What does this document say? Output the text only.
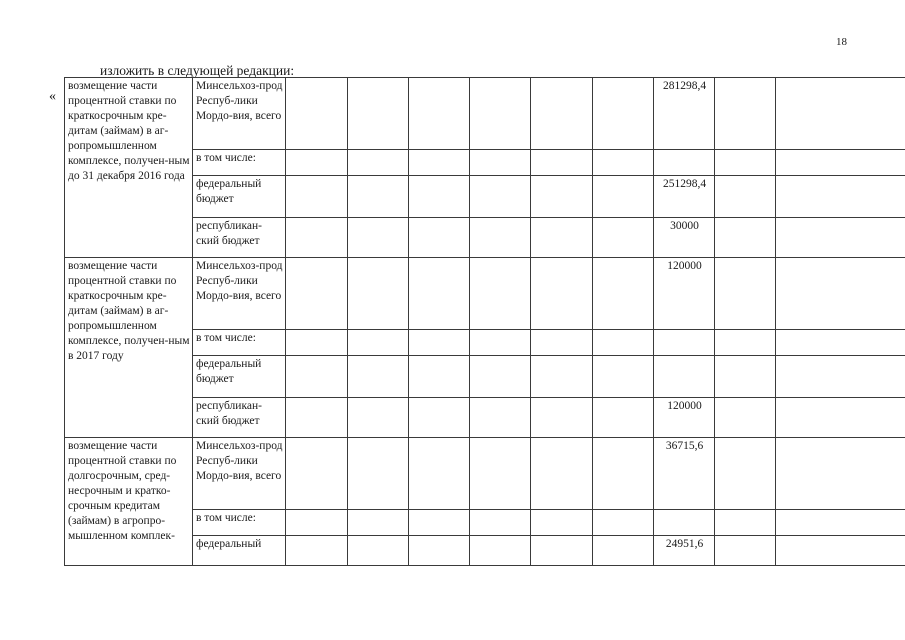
18
изложить в следующей редакции:
«
возмещение части процентной ставки по краткосрочным кре-дитам (займам) в аг-ропромышленном комплексе, получен-ным до 31 декабря 2016 года	Минсельхоз-прод Респуб-лики Мордо-вия, всего							281298,4		
	в том числе:									
	федеральный бюджет							251298,4		
	республикан-ский бюджет							30000		
возмещение части процентной ставки по краткосрочным кре-дитам (займам) в аг-ропромышленном комплексе, получен-ным в 2017 году	Минсельхоз-прод Респуб-лики Мордо-вия, всего							120000		
	в том числе:									
	федеральный бюджет									
	республикан-ский бюджет							120000		
возмещение части процентной ставки по долгосрочным, сред-несрочным и кратко-срочным кредитам (займам) в агропро-мышленном комплек-	Минсельхоз-прод Респуб-лики Мордо-вия, всего							36715,6		
	в том числе:									
	федеральный							24951,6		
